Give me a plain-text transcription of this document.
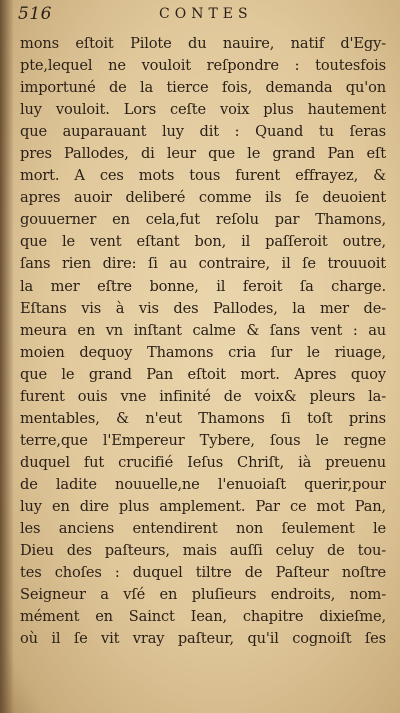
516	CONTES
mons eſtoit Pilote du nauire, natif d'Egy-
pte,lequel ne vouloit reſpondre : toutesfois
importuné de la tierce fois, demanda qu'on
luy vouloit. Lors ceſte voix plus hautement
que auparauant luy dit : Quand tu ſeras
pres Pallodes, di leur que le grand Pan eſt
mort. A ces mots tous furent effrayez, &
apres auoir deliberé comme ils ſe deuoient
gouuerner en cela,fut reſolu par Thamons,
que le vent eſtant bon, il paſſeroit outre,
ſans rien dire: ſi au contraire, il ſe trouuoit
la mer eſtre bonne, il feroit ſa charge.
Eſtans vis à vis des Pallodes, la mer de-
meura en vn inſtant calme & ſans vent : au
moien dequoy Thamons cria ſur le riuage,
que le grand Pan eſtoit mort. Apres quoy
furent ouis vne infinité de voix& pleurs la-
mentables, & n'eut Thamons ſi toſt prins
terre,que l'Empereur Tybere, ſous le regne
duquel fut crucifié Ieſus Chriſt, ià preuenu
de ladite nouuelle,ne l'enuoiaſt querir,pour
luy en dire plus amplement. Par ce mot Pan,
les anciens entendirent non ſeulement le
Dieu des paſteurs, mais auſſi celuy de tou-
tes choſes : duquel tiltre de Paſteur noſtre
Seigneur a vſé en pluſieurs endroits, nom-
mément en Sainct Iean, chapitre dixieſme,
où il ſe vit vray paſteur, qu'il cognoiſt ſes
